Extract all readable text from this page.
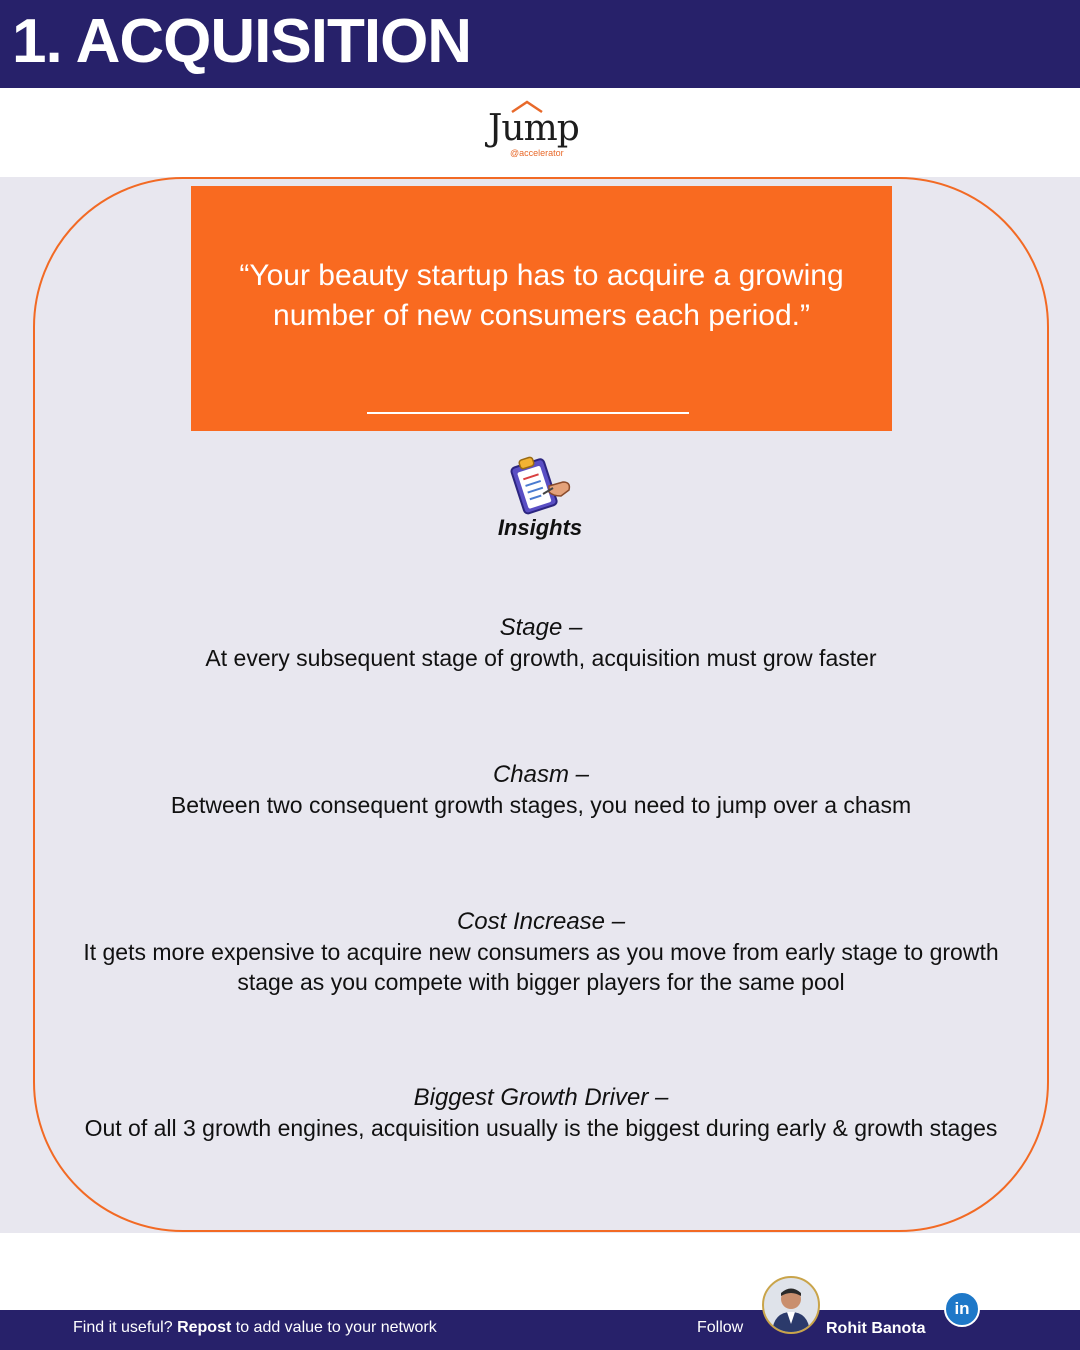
1. ACQUISITION
Jump
@accelerator
“Your beauty startup has to acquire a growing number of new consumers each period.”
Insights
Stage –
At every subsequent stage of growth, acquisition must grow faster
Chasm –
Between two consequent growth stages, you need to jump over a chasm
Cost Increase –
It gets more expensive to acquire new consumers as you move from early stage to growth stage as you compete with bigger players for the same pool
Biggest Growth Driver –
Out of all 3 growth engines, acquisition usually is the biggest during early & growth stages
Find it useful? Repost to add value to your network	Follow	Rohit Banota
in
